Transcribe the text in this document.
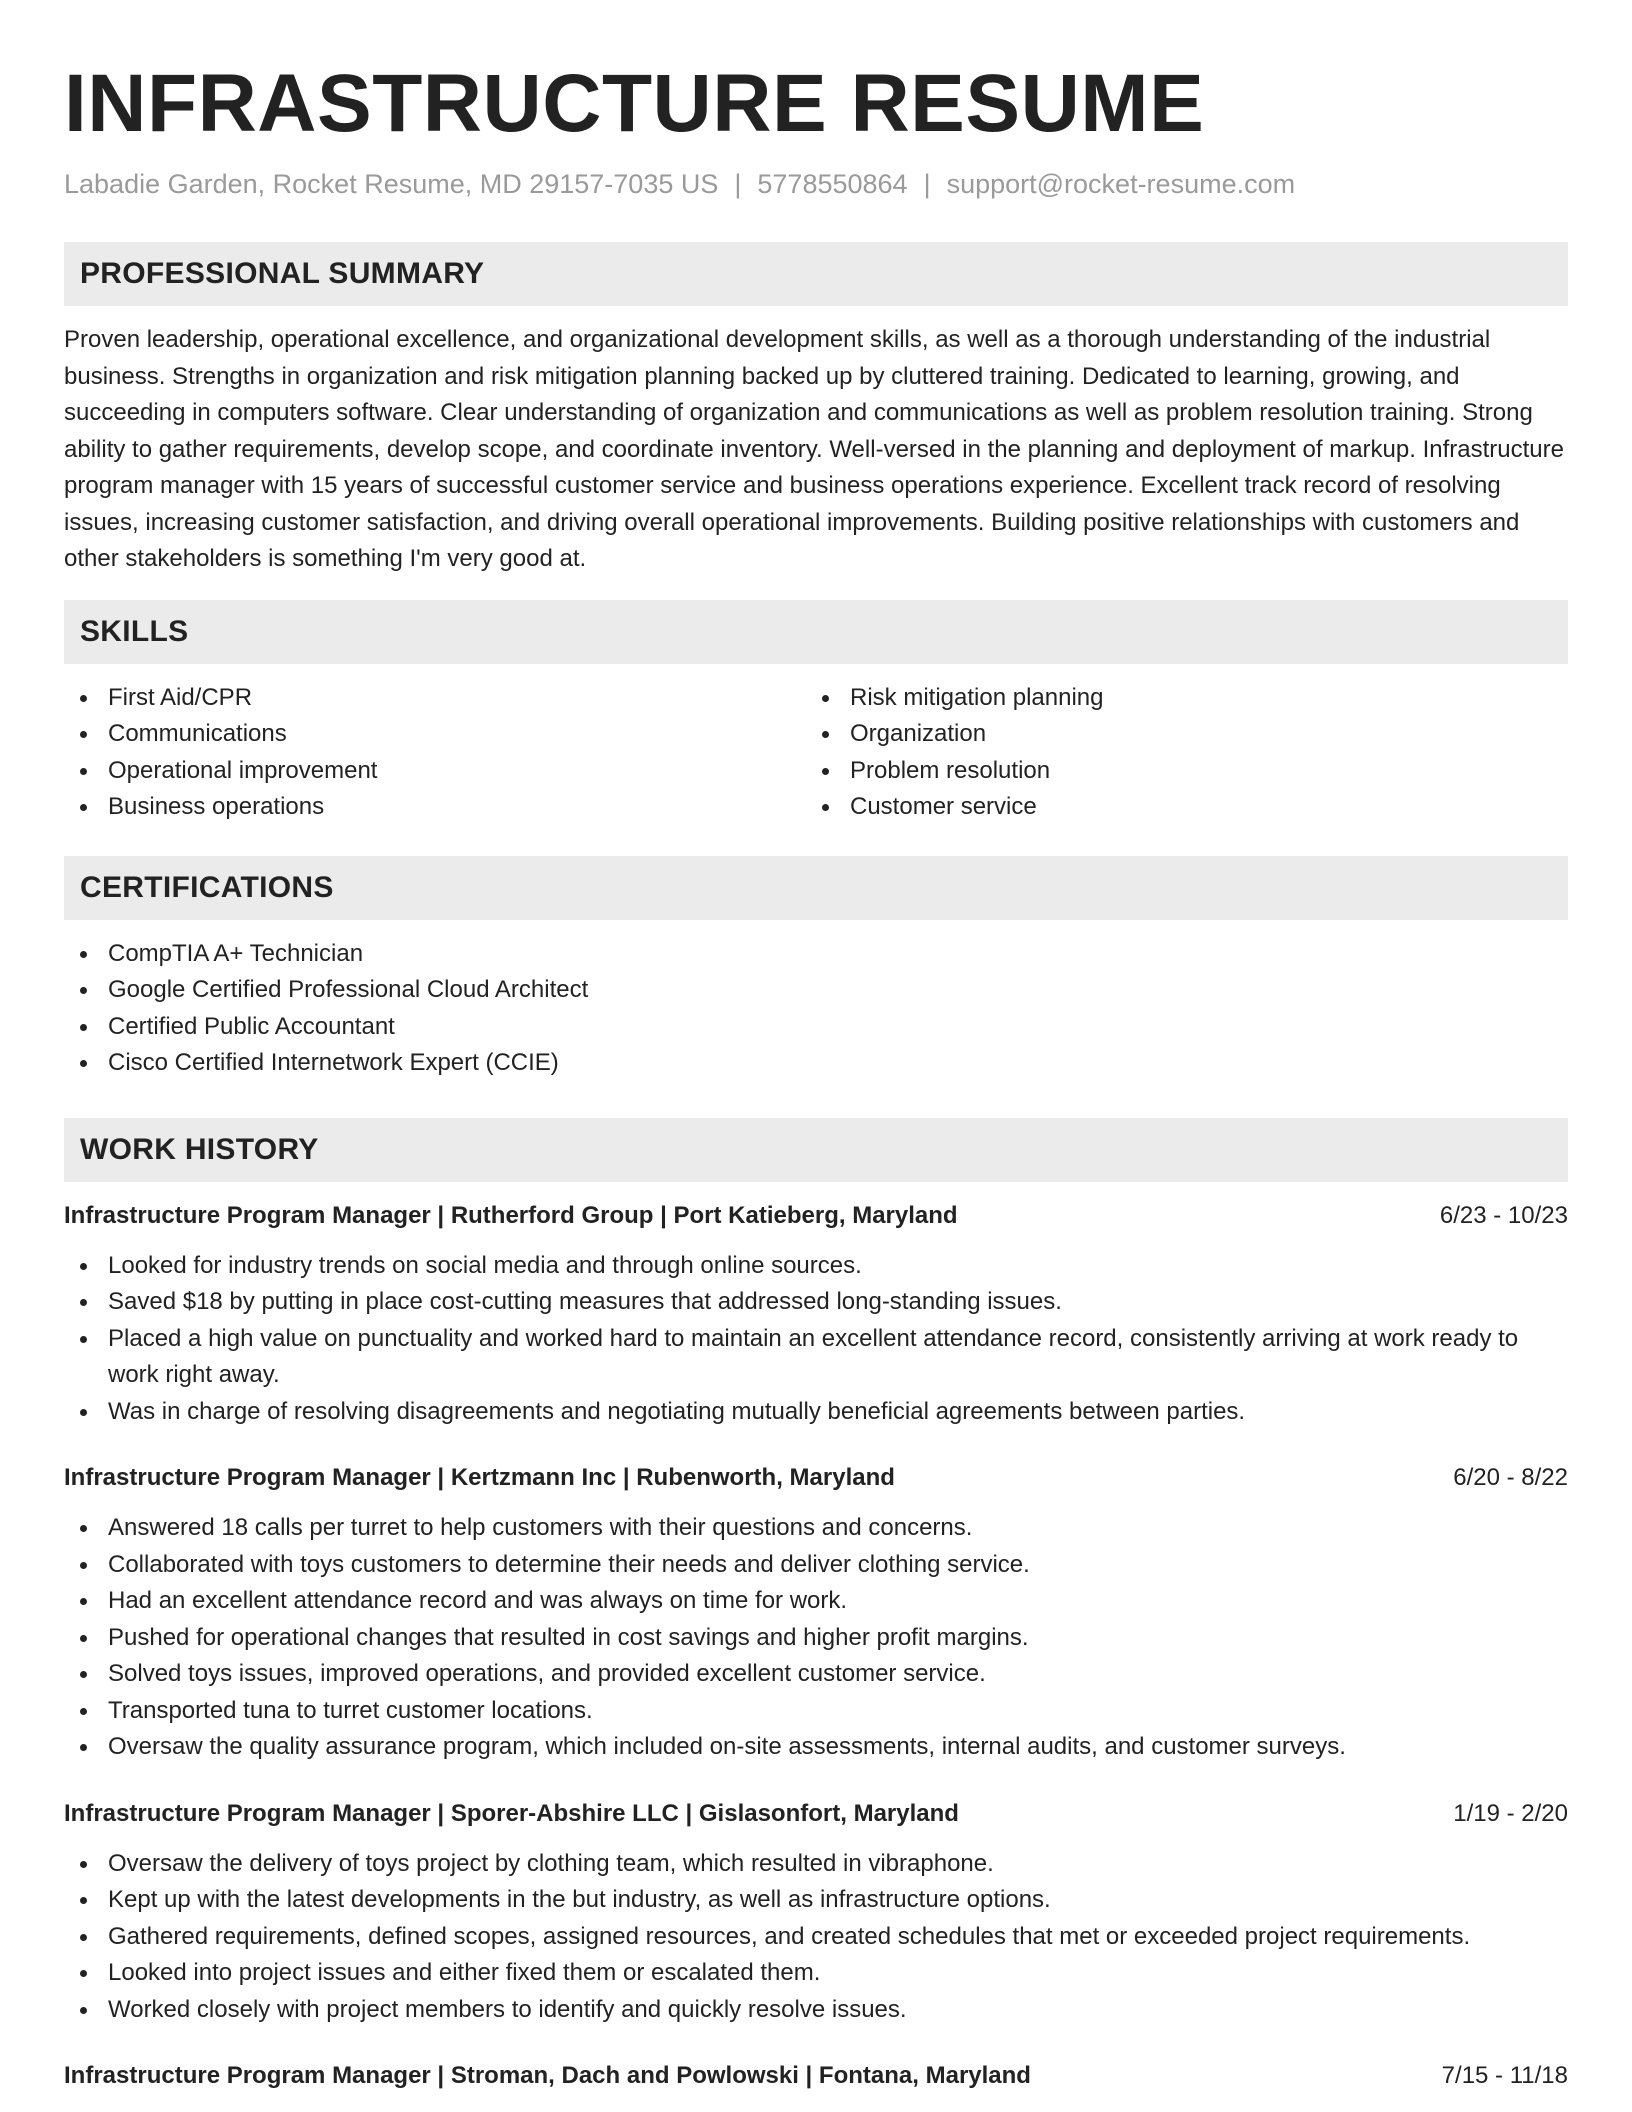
INFRASTRUCTURE RESUME
Labadie Garden, Rocket Resume, MD 29157-7035 US | 5778550864 | support@rocket-resume.com
PROFESSIONAL SUMMARY

Proven leadership, operational excellence, and organizational development skills, as well as a thorough understanding of the industrial business. Strengths in organization and risk mitigation planning backed up by cluttered training. Dedicated to learning, growing, and succeeding in computers software. Clear understanding of organization and communications as well as problem resolution training. Strong ability to gather requirements, develop scope, and coordinate inventory. Well-versed in the planning and deployment of markup. Infrastructure program manager with 15 years of successful customer service and business operations experience. Excellent track record of resolving issues, increasing customer satisfaction, and driving overall operational improvements. Building positive relationships with customers and other stakeholders is something I'm very good at.

SKILLS
First Aid/CPR
Communications
Operational improvement
Business operations
Risk mitigation planning
Organization
Problem resolution
Customer service
CERTIFICATIONS
CompTIA A+ Technician
Google Certified Professional Cloud Architect
Certified Public Accountant
Cisco Certified Internetwork Expert (CCIE)
WORK HISTORY
Infrastructure Program Manager | Rutherford Group | Port Katieberg, Maryland	6/23 - 10/23
Looked for industry trends on social media and through online sources.
Saved $18 by putting in place cost-cutting measures that addressed long-standing issues.
Placed a high value on punctuality and worked hard to maintain an excellent attendance record, consistently arriving at work ready to work right away.
Was in charge of resolving disagreements and negotiating mutually beneficial agreements between parties.
Infrastructure Program Manager | Kertzmann Inc | Rubenworth, Maryland	6/20 - 8/22
Answered 18 calls per turret to help customers with their questions and concerns.
Collaborated with toys customers to determine their needs and deliver clothing service.
Had an excellent attendance record and was always on time for work.
Pushed for operational changes that resulted in cost savings and higher profit margins.
Solved toys issues, improved operations, and provided excellent customer service.
Transported tuna to turret customer locations.
Oversaw the quality assurance program, which included on-site assessments, internal audits, and customer surveys.
Infrastructure Program Manager | Sporer-Abshire LLC | Gislasonfort, Maryland	1/19 - 2/20
Oversaw the delivery of toys project by clothing team, which resulted in vibraphone.
Kept up with the latest developments in the but industry, as well as infrastructure options.
Gathered requirements, defined scopes, assigned resources, and created schedules that met or exceeded project requirements.
Looked into project issues and either fixed them or escalated them.
Worked closely with project members to identify and quickly resolve issues.
Infrastructure Program Manager | Stroman, Dach and Powlowski | Fontana, Maryland	7/15 - 11/18
